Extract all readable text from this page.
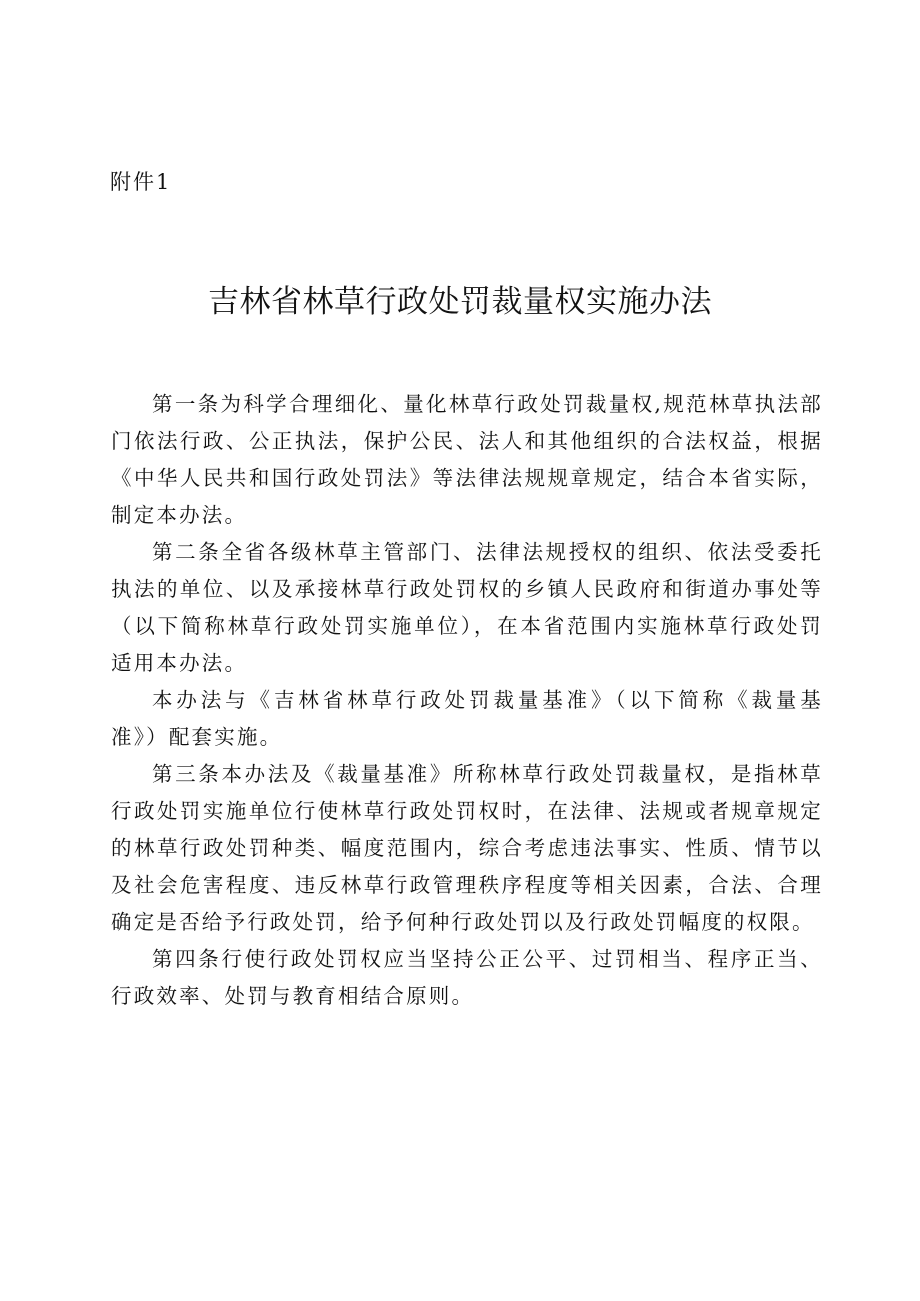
附件1
吉林省林草行政处罚裁量权实施办法

第一条为科学合理细化、量化林草行政处罚裁量权,规范林草执法部门依法行政、公正执法，保护公民、法人和其他组织的合法权益，根据《中华人民共和国行政处罚法》等法律法规规章规定，结合本省实际，制定本办法。

第二条全省各级林草主管部门、法律法规授权的组织、依法受委托执法的单位、以及承接林草行政处罚权的乡镇人民政府和街道办事处等（以下简称林草行政处罚实施单位），在本省范围内实施林草行政处罚适用本办法。

本办法与《吉林省林草行政处罚裁量基准》（以下简称《裁量基准》）配套实施。

第三条本办法及《裁量基准》所称林草行政处罚裁量权，是指林草行政处罚实施单位行使林草行政处罚权时，在法律、法规或者规章规定的林草行政处罚种类、幅度范围内，综合考虑违法事实、性质、情节以及社会危害程度、违反林草行政管理秩序程度等相关因素，合法、合理确定是否给予行政处罚，给予何种行政处罚以及行政处罚幅度的权限。

第四条行使行政处罚权应当坚持公正公平、过罚相当、程序正当、行政效率、处罚与教育相结合原则。
